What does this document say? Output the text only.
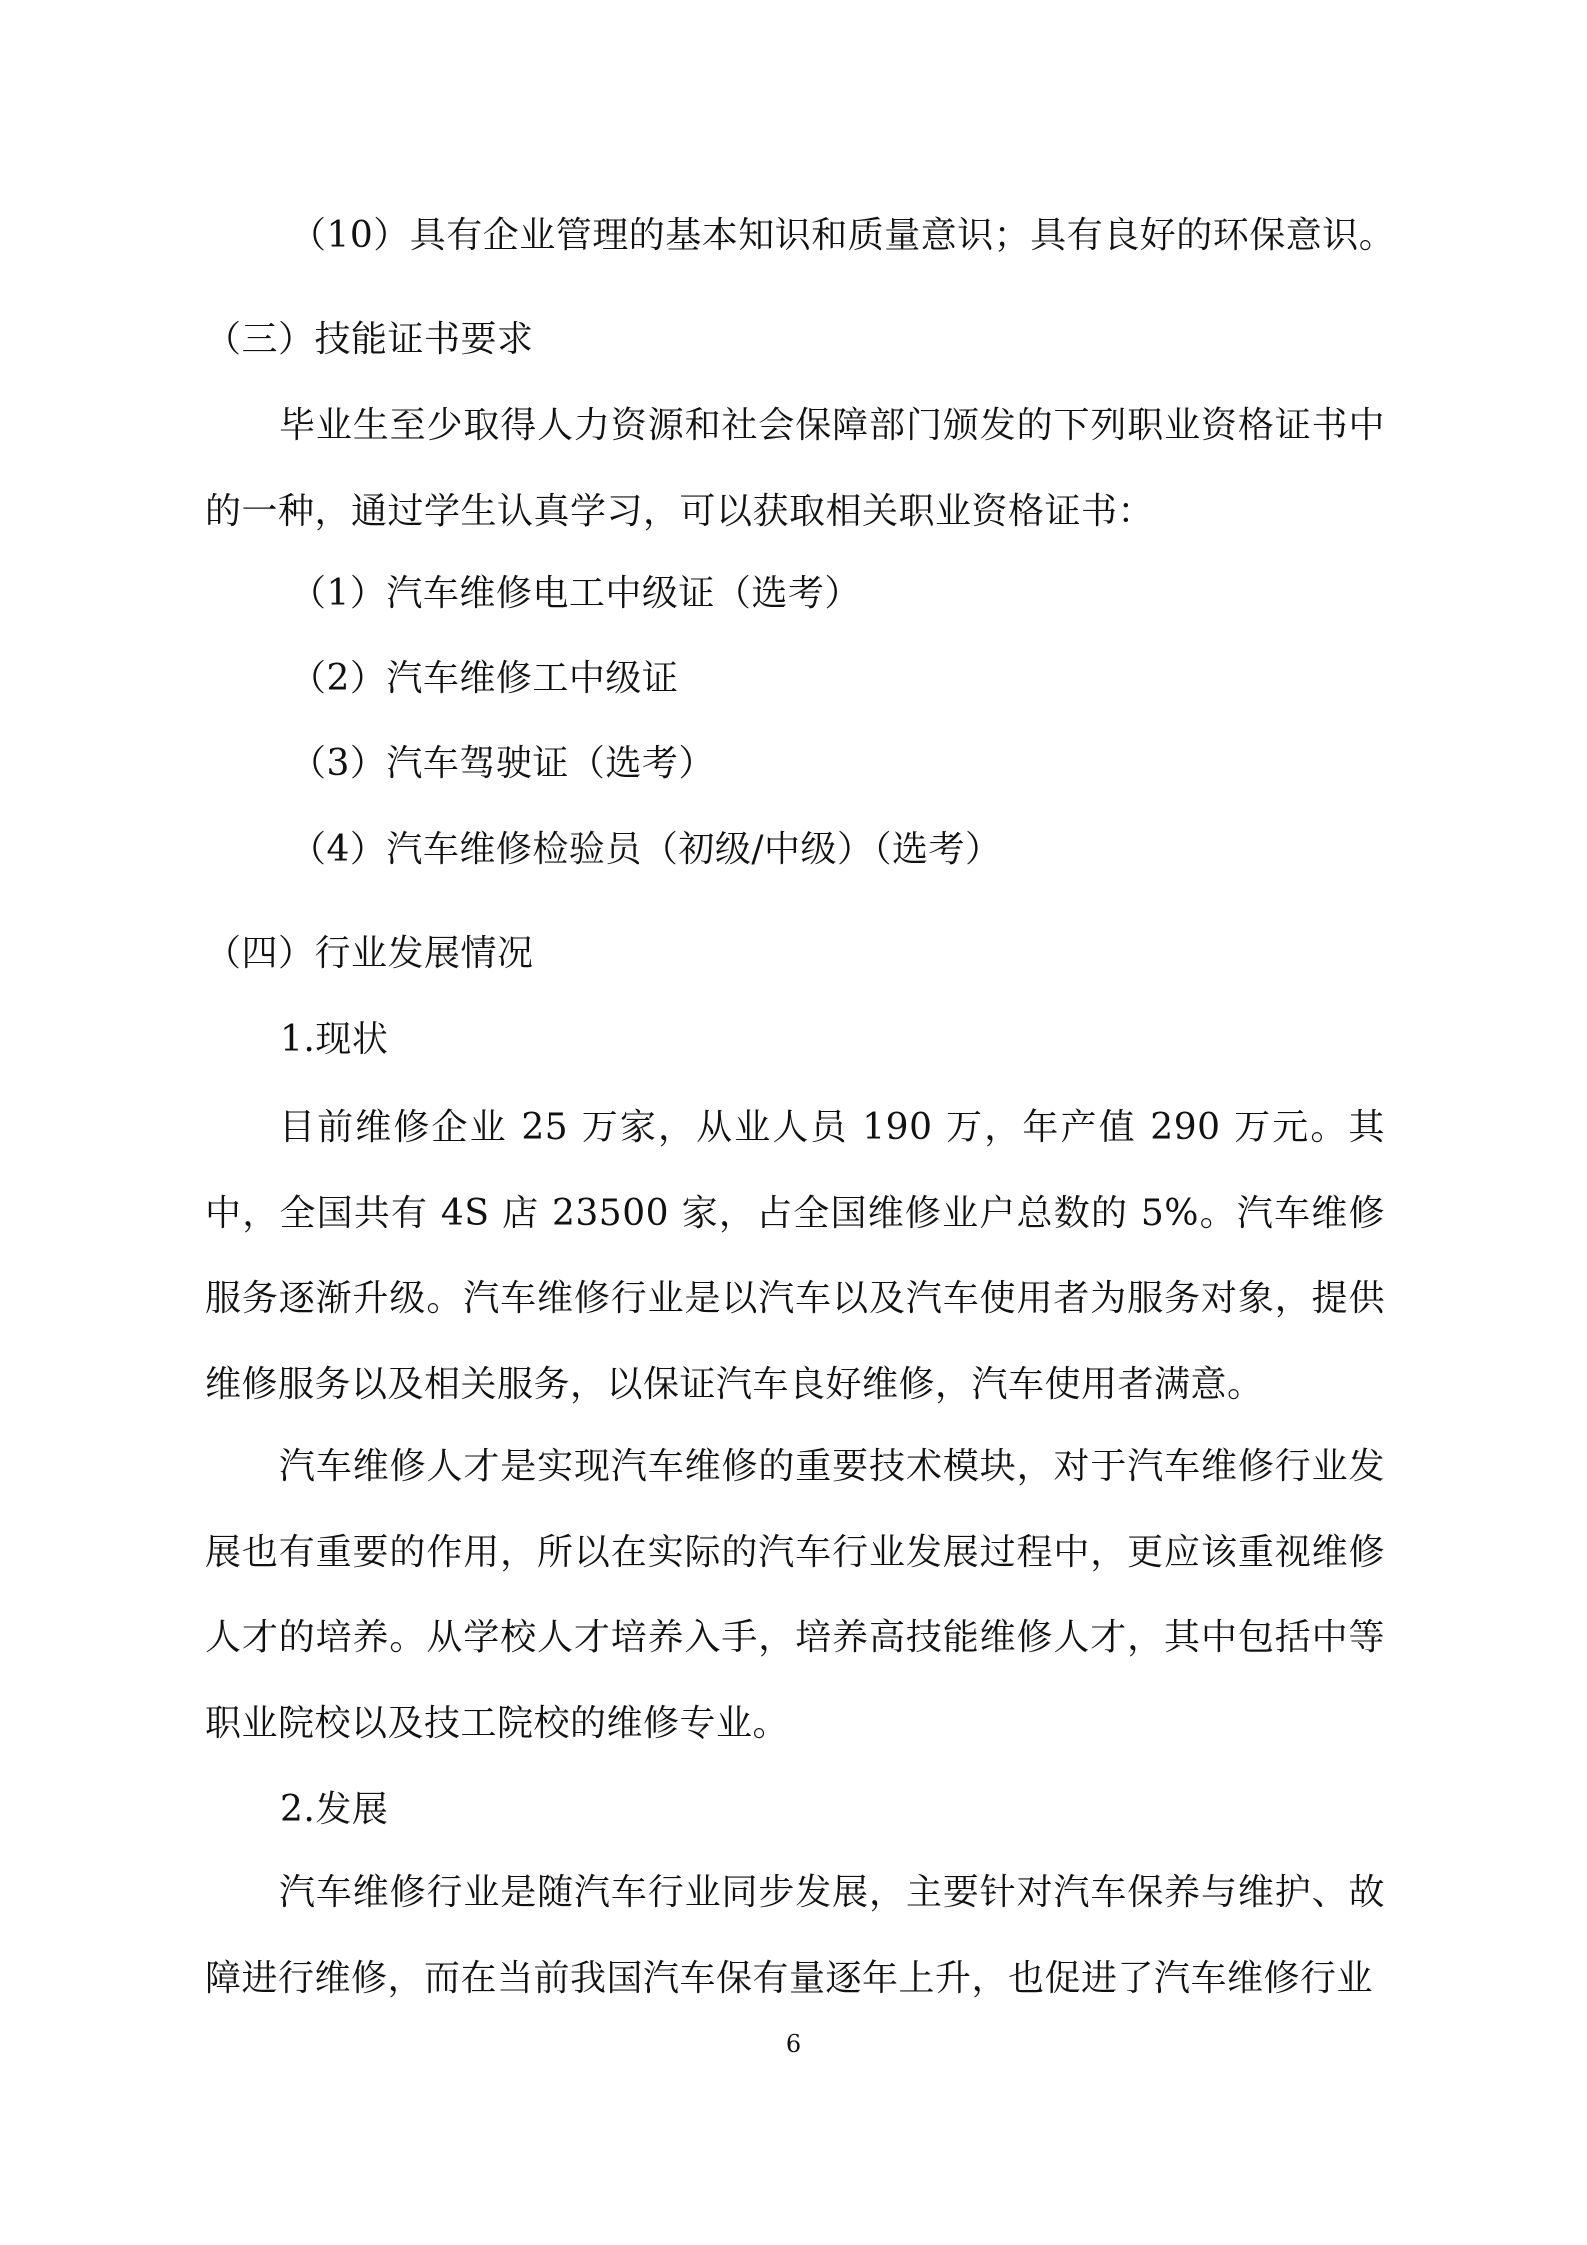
（10）具有企业管理的基本知识和质量意识；具有良好的环保意识。
（三）技能证书要求

毕业生至少取得人力资源和社会保障部门颁发的下列职业资格证书中的一种，通过学生认真学习，可以获取相关职业资格证书：

（1）汽车维修电工中级证（选考）
（2）汽车维修工中级证
（3）汽车驾驶证（选考）
（4）汽车维修检验员（初级/中级）（选考）
（四）行业发展情况
1.现状

目前维修企业 25 万家，从业人员 190 万，年产值 290 万元。其中，全国共有 4S 店 23500 家，占全国维修业户总数的 5%。汽车维修服务逐渐升级。汽车维修行业是以汽车以及汽车使用者为服务对象，提供维修服务以及相关服务，以保证汽车良好维修，汽车使用者满意。

汽车维修人才是实现汽车维修的重要技术模块，对于汽车维修行业发展也有重要的作用，所以在实际的汽车行业发展过程中，更应该重视维修人才的培养。从学校人才培养入手，培养高技能维修人才，其中包括中等职业院校以及技工院校的维修专业。

2.发展

汽车维修行业是随汽车行业同步发展，主要针对汽车保养与维护、故障进行维修，而在当前我国汽车保有量逐年上升，也促进了汽车维修行业

6
